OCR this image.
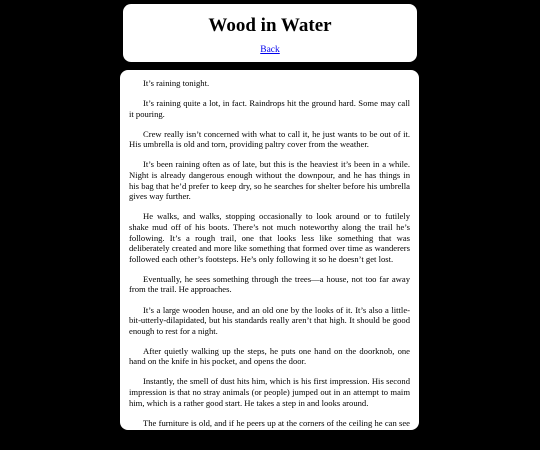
Wood in Water
Back

It’s raining tonight.

It’s raining quite a lot, in fact. Raindrops hit the ground hard. Some may call it pouring.

Crew really isn’t concerned with what to call it, he just wants to be out of it. His umbrella is old and torn, providing paltry cover from the weather.

It’s been raining often as of late, but this is the heaviest it’s been in a while. Night is already dangerous enough without the downpour, and he has things in his bag that he’d prefer to keep dry, so he searches for shelter before his umbrella gives way further.

He walks, and walks, stopping occasionally to look around or to futilely shake mud off of his boots. There’s not much noteworthy along the trail he’s following. It’s a rough trail, one that looks less like something that was deliberately created and more like something that formed over time as wanderers followed each other’s footsteps. He’s only following it so he doesn’t get lost.

Eventually, he sees something through the trees—a house, not too far away from the trail. He approaches.

It’s a large wooden house, and an old one by the looks of it. It’s also a little-bit-utterly-dilapidated, but his standards really aren’t that high. It should be good enough to rest for a night.

After quietly walking up the steps, he puts one hand on the doorknob, one hand on the knife in his pocket, and opens the door.

Instantly, the smell of dust hits him, which is his first impression. His second impression is that no stray animals (or people) jumped out in an attempt to maim him, which is a rather good start. He takes a step in and looks around.

The furniture is old, and if he peers up at the corners of the ceiling he can see some mold growing. It doesn’t look like this place has been lived in for a very long
